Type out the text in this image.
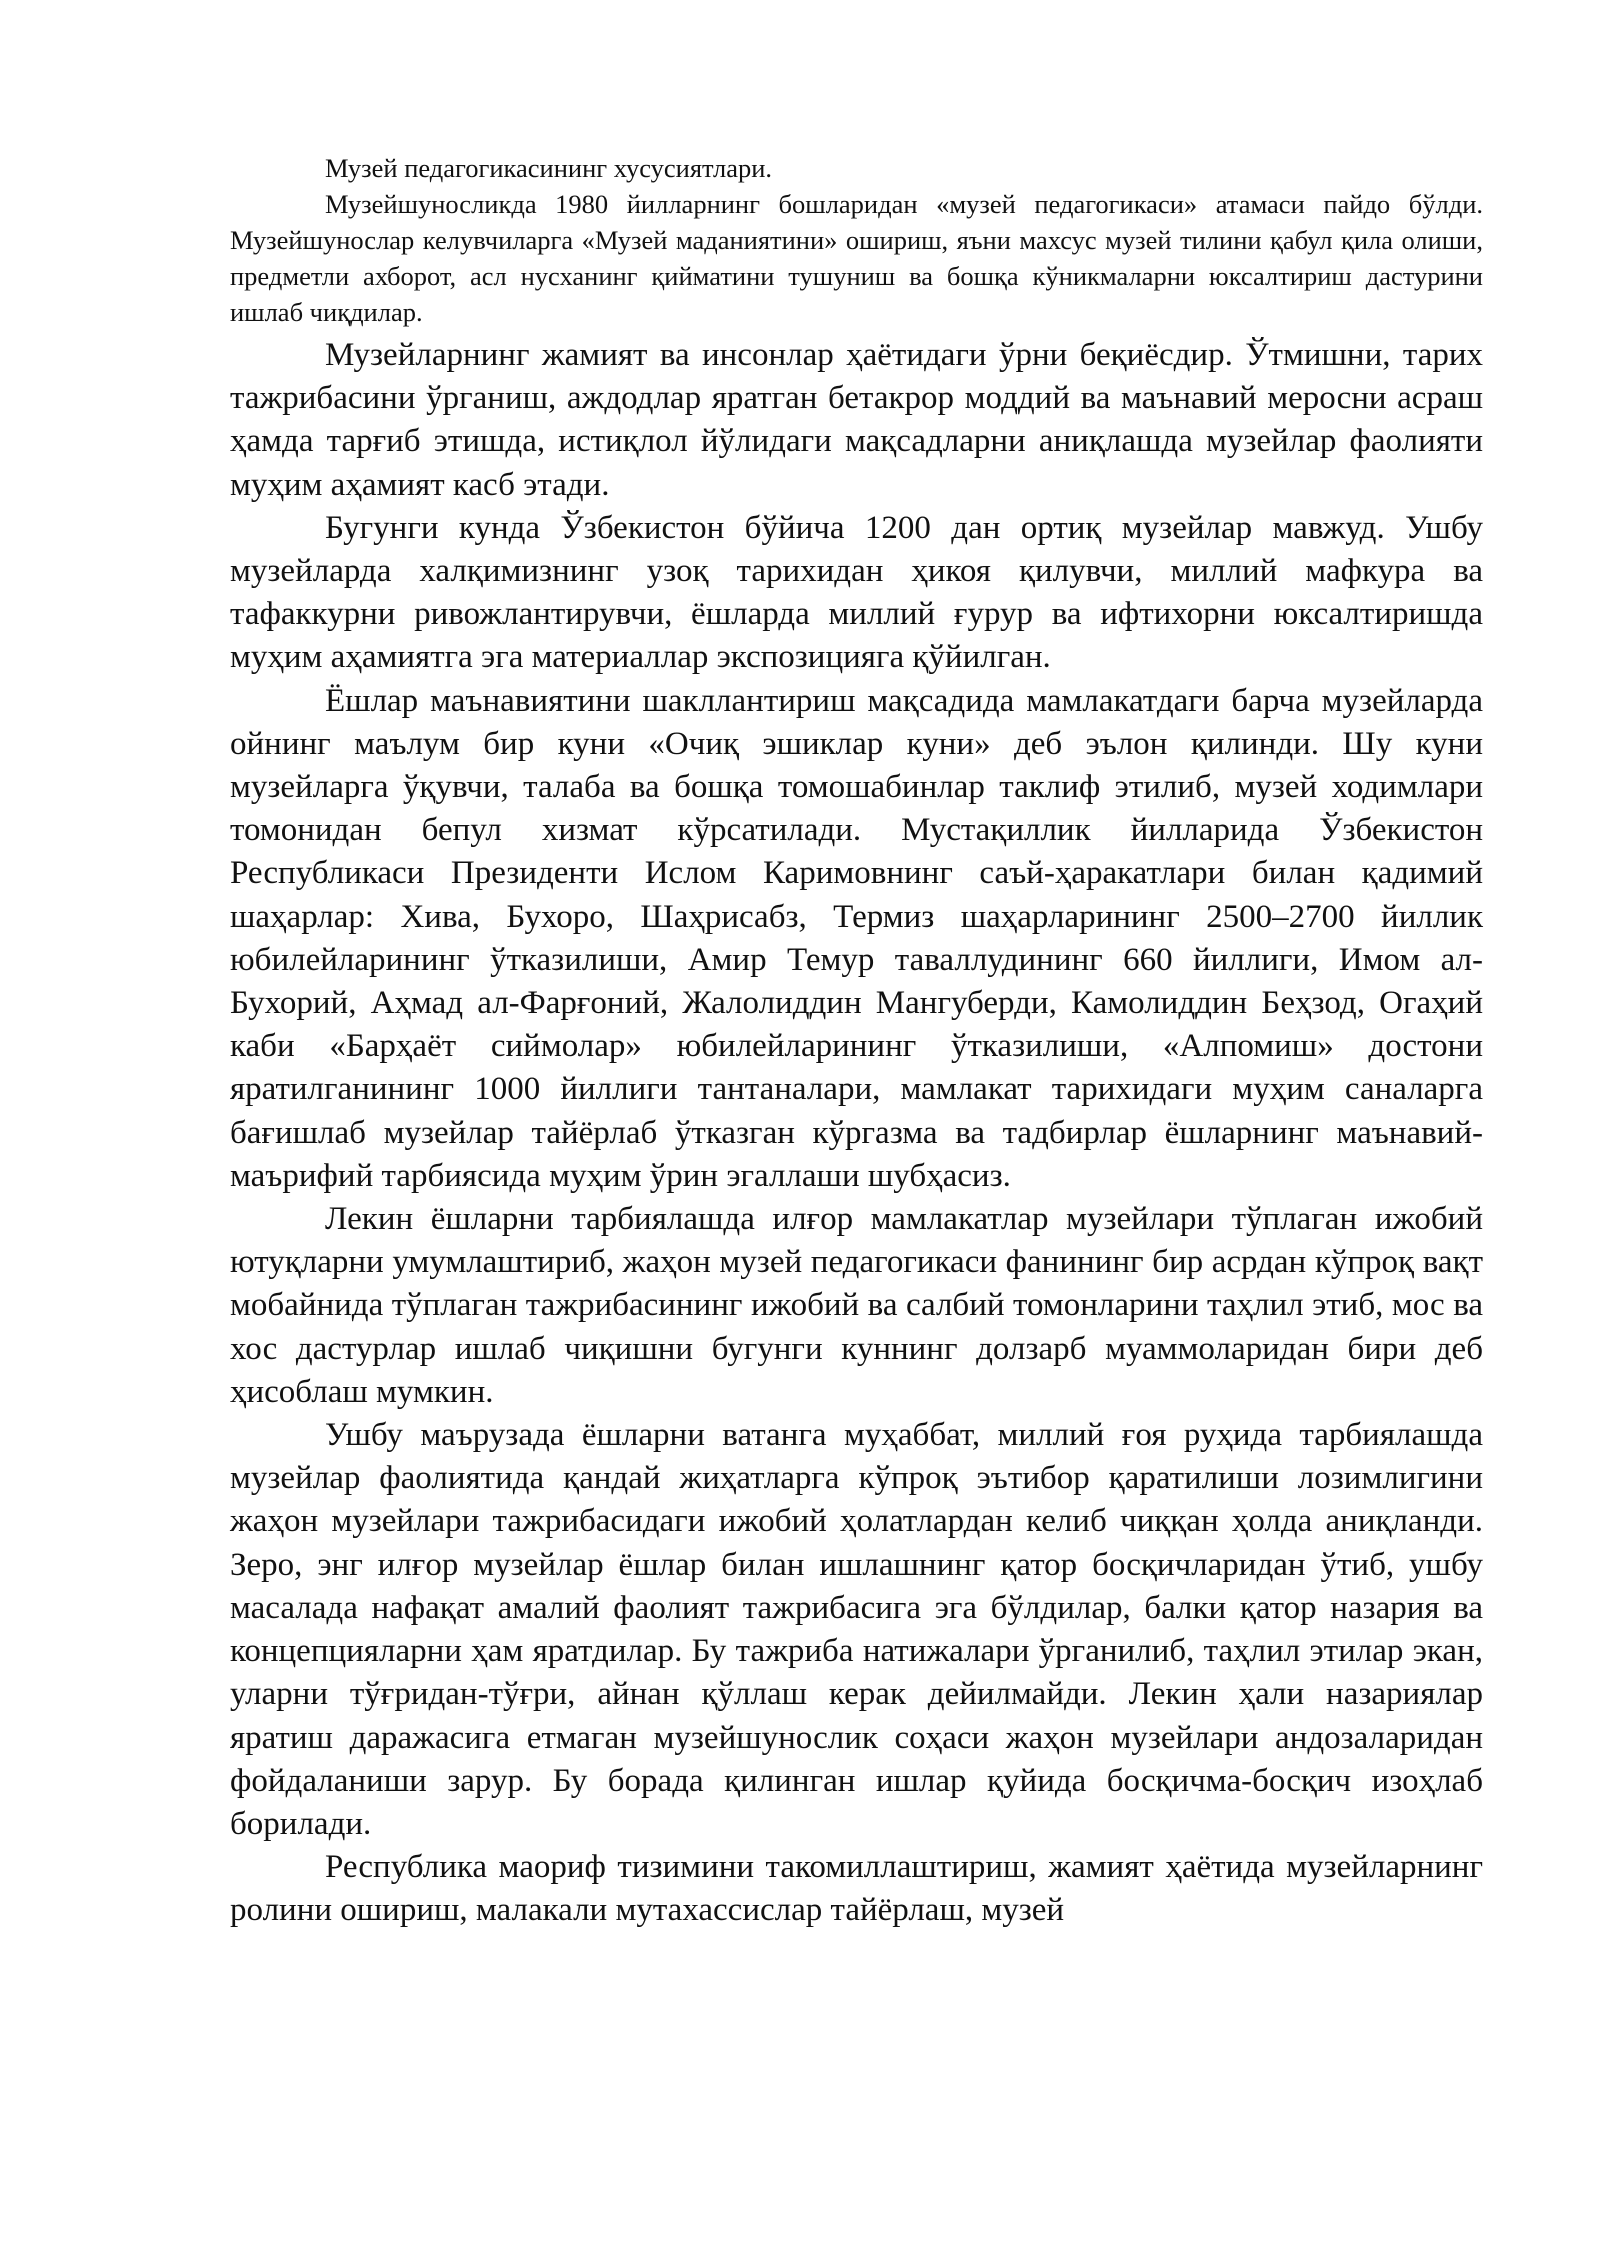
Музей педагогикасининг хусусиятлари.

Музейшуносликда 1980 йилларнинг бошларидан «музей педагогикаси» атамаси пайдо бўлди. Музейшунослар келувчиларга «Музей маданиятини» ошириш, яъни махсус музей тилини қабул қила олиши, предметли ахборот, асл нусханинг қийматини тушуниш ва бошқа кўникмаларни юксалтириш дастурини ишлаб чиқдилар.

Музейларнинг жамият ва инсонлар ҳаётидаги ўрни беқиёсдир. Ўтмишни, тарих тажрибасини ўрганиш, аждодлар яратган бетакрор моддий ва маънавий меросни асраш ҳамда тарғиб этишда, истиқлол йўлидаги мақсадларни аниқлашда музейлар фаолияти муҳим аҳамият касб этади.

Бугунги кунда Ўзбекистон бўйича 1200 дан ортиқ музейлар мавжуд. Ушбу музейларда халқимизнинг узоқ тарихидан ҳикоя қилувчи, миллий мафкура ва тафаккурни ривожлантирувчи, ёшларда миллий ғурур ва ифтихорни юксалтиришда муҳим аҳамиятга эга материаллар экспозицияга қўйилган.

Ёшлар маънавиятини шакллантириш мақсадида мамлакатдаги барча музейларда ойнинг маълум бир куни «Очиқ эшиклар куни» деб эълон қилинди. Шу куни музейларга ўқувчи, талаба ва бошқа томошабинлар таклиф этилиб, музей ходимлари томонидан бепул хизмат кўрсатилади. Мустақиллик йилларида Ўзбекистон Республикаси Президенти Ислом Каримовнинг саъй-ҳаракатлари билан қадимий шаҳарлар: Хива, Бухоро, Шаҳрисабз, Термиз шаҳарларининг 2500–2700 йиллик юбилейларининг ўтказилиши, Амир Темур таваллудининг 660 йиллиги, Имом ал-Бухорий, Аҳмад ал-Фарғоний, Жалолиддин Мангуберди, Камолиддин Беҳзод, Огаҳий каби «Барҳаёт сиймолар» юбилейларининг ўтказилиши, «Алпомиш» достони яратилганининг 1000 йиллиги тантаналари, мамлакат тарихидаги муҳим саналарга бағишлаб музейлар тайёрлаб ўтказган кўргазма ва тадбирлар ёшларнинг маънавий-маърифий тарбиясида муҳим ўрин эгаллаши шубҳасиз.

Лекин ёшларни тарбиялашда илғор мамлакатлар музейлари тўплаган ижобий ютуқларни умумлаштириб, жаҳон музей педагогикаси фанининг бир асрдан кўпроқ вақт мобайнида тўплаган тажрибасининг ижобий ва салбий томонларини таҳлил этиб, мос ва хос дастурлар ишлаб чиқишни бугунги куннинг долзарб муаммоларидан бири деб ҳисоблаш мумкин.

Ушбу маърузада ёшларни ватанга муҳаббат, миллий ғоя руҳида тарбиялашда музейлар фаолиятида қандай жиҳатларга кўпроқ эътибор қаратилиши лозимлигини жаҳон музейлари тажрибасидаги ижобий ҳолатлардан келиб чиққан ҳолда аниқланди. Зеро, энг илғор музейлар ёшлар билан ишлашнинг қатор босқичларидан ўтиб, ушбу масалада нафақат амалий фаолият тажрибасига эга бўлдилар, балки қатор назария ва концепцияларни ҳам яратдилар. Бу тажриба натижалари ўрганилиб, таҳлил этилар экан, уларни тўғридан-тўғри, айнан қўллаш керак дейилмайди. Лекин ҳали назариялар яратиш даражасига етмаган музейшунослик соҳаси жаҳон музейлари андозаларидан фойдаланиши зарур. Бу борада қилинган ишлар қуйида босқичма-босқич изоҳлаб борилади.

Республика маориф тизимини такомиллаштириш, жамият ҳаётида музейларнинг ролини ошириш, малакали мутахассислар тайёрлаш, музей
